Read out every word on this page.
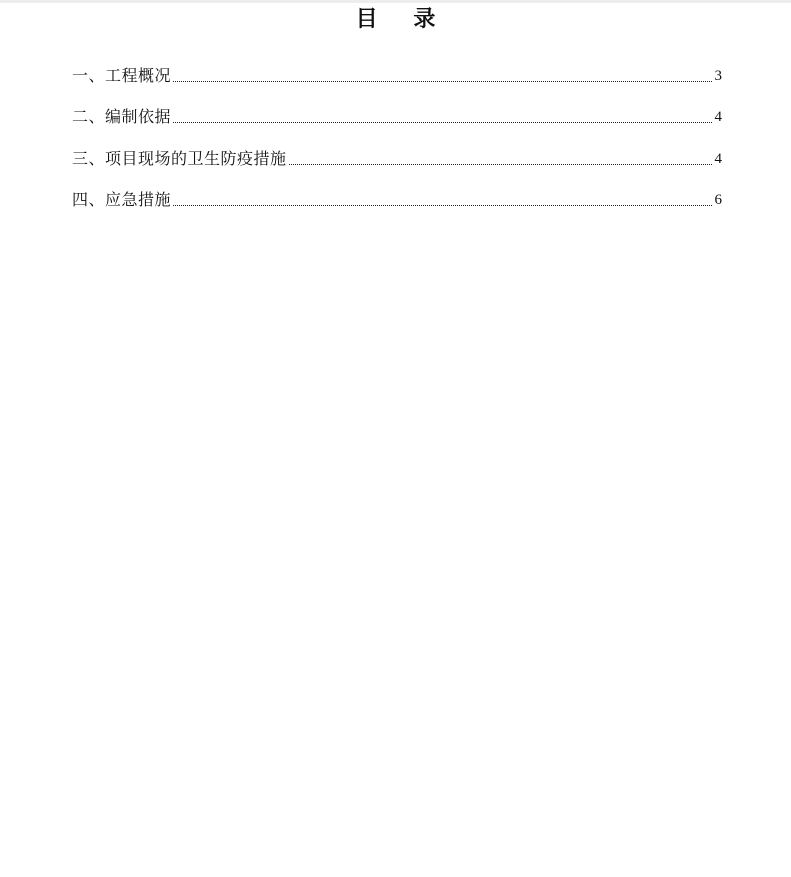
目 录
一、工程概况	3
二、编制依据	4
三、项目现场的卫生防疫措施	4
四、应急措施	6
